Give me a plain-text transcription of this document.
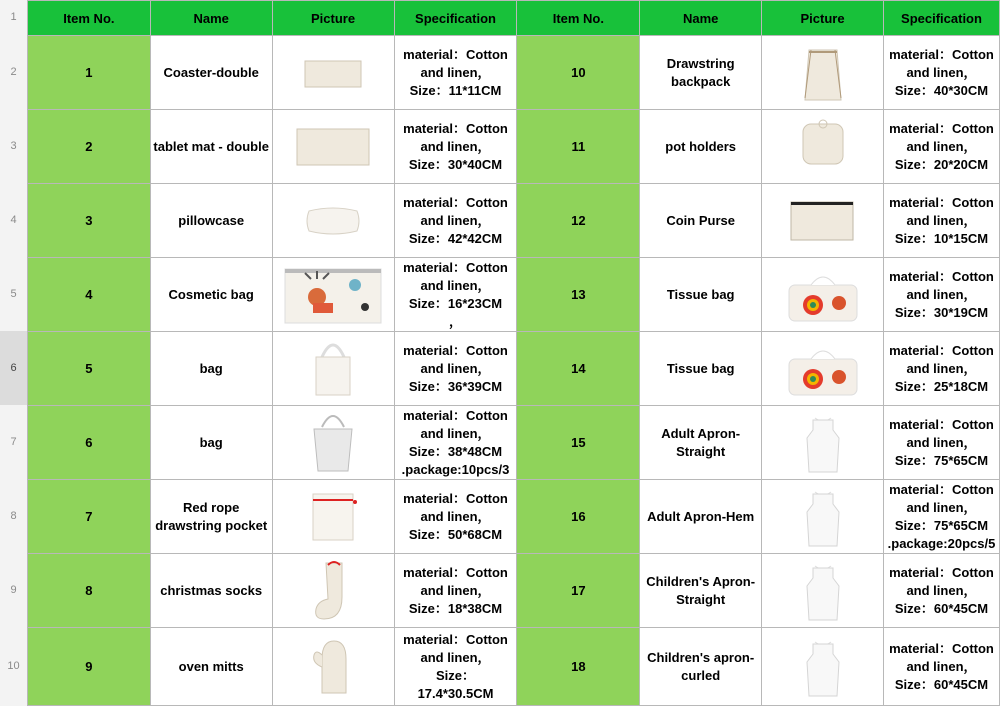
1
2
3
4
5
6
7
8
9
10
Item No.	Name	Picture	Specification	Item No.	Name	Picture	Specification
1	Coaster-double		material：Cotton
and linen，
Size：11*11CM	10	Drawstring backpack		material：Cotton
and linen，
Size：40*30CM

2	tablet mat - double		material：Cotton
and linen，
Size：30*40CM	11	pot holders		material：Cotton
and linen，
Size：20*20CM

3	pillowcase		material：Cotton
and linen，
Size：42*42CM	12	Coin Purse		material：Cotton
and linen，
Size：10*15CM

4	Cosmetic bag		material：Cotton
and linen，
Size：16*23CM
，	13	Tissue bag		material：Cotton
and linen，
Size：30*19CM

5	bag		material：Cotton
and linen，
Size：36*39CM	14	Tissue bag		material：Cotton
and linen，
Size：25*18CM

6	bag		material：Cotton
and linen，
Size：38*48CM
.package:10pcs/3	15	Adult Apron-Straight		material：Cotton
and linen，
Size：75*65CM

7	Red rope drawstring pocket		material：Cotton
and linen，
Size：50*68CM	16	Adult Apron-Hem		material：Cotton
and linen，
Size：75*65CM
.package:20pcs/5

8	christmas socks		material：Cotton
and linen，
Size：18*38CM	17	Children's Apron-Straight		material：Cotton
and linen，
Size：60*45CM

9	oven mitts		material：Cotton
and linen，
Size：
17.4*30.5CM	18	Children's apron-curled		material：Cotton
and linen，
Size：60*45CM
